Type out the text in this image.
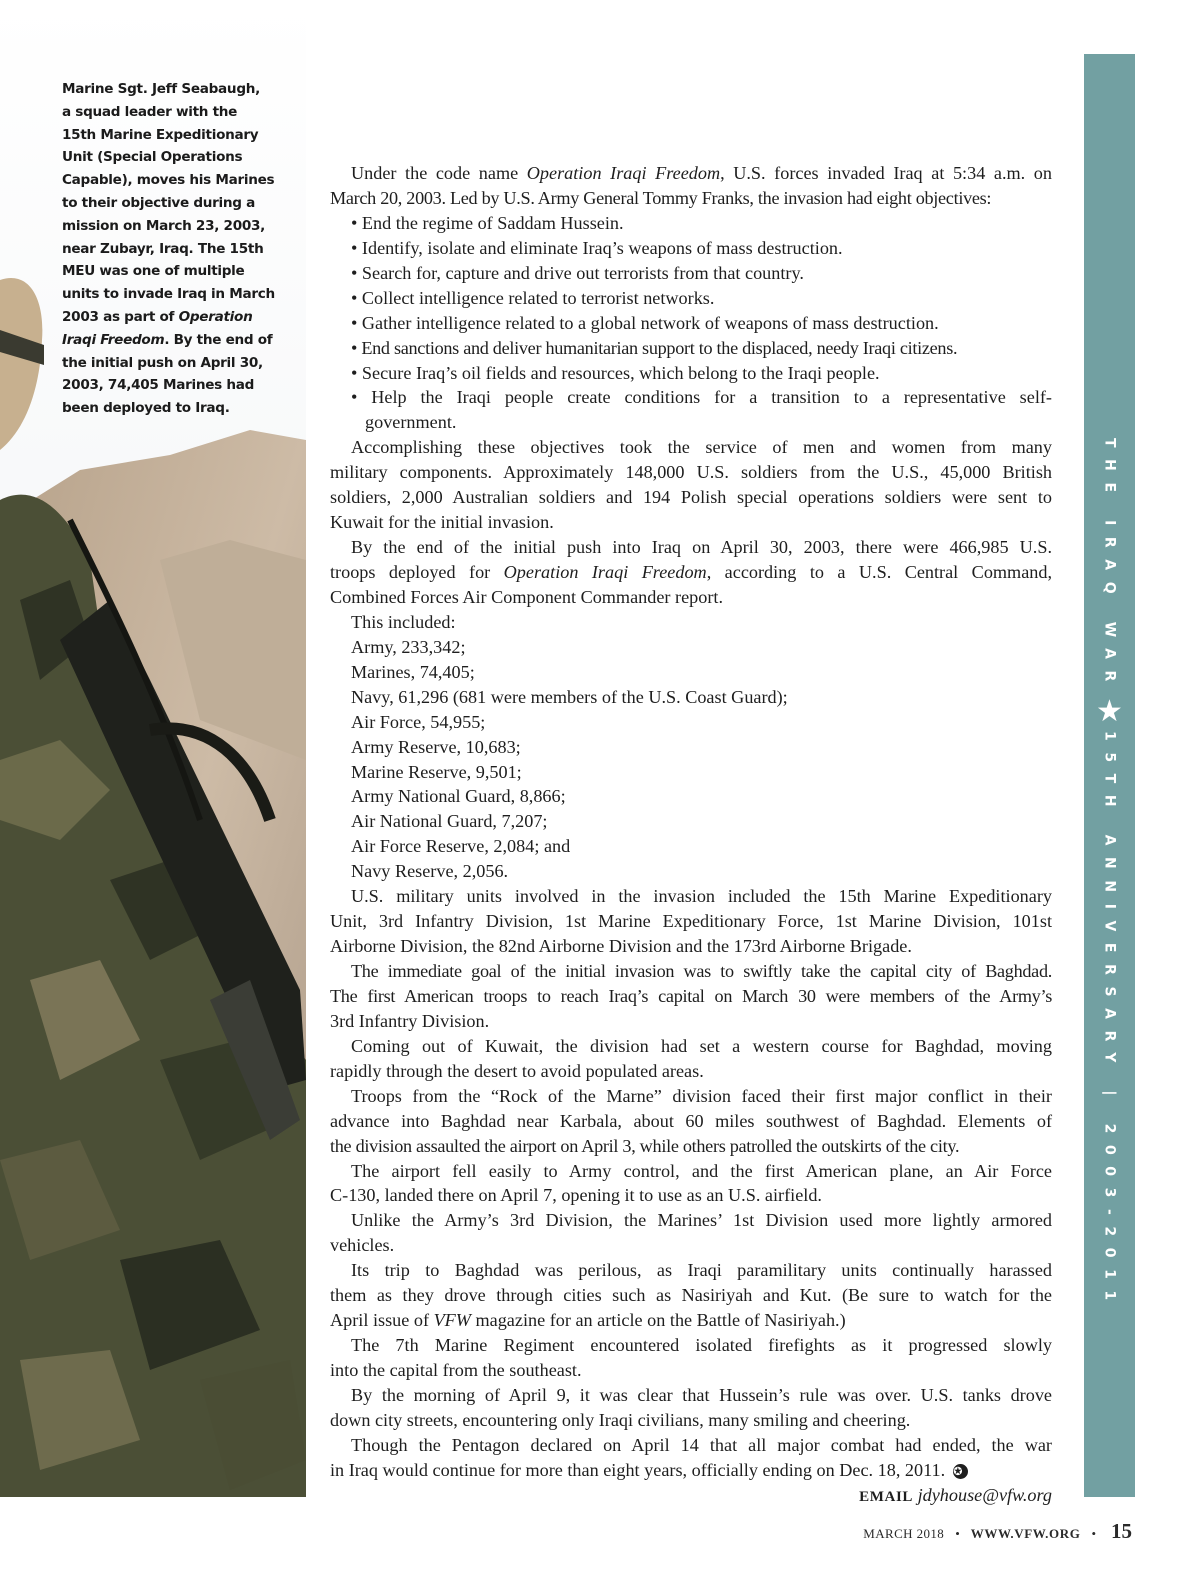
Marine Sgt. Jeff Seabaugh,
a squad leader with the
15th Marine Expeditionary
Unit (Special Operations
Capable), moves his Marines
to their objective during a
mission on March 23, 2003,
near Zubayr, Iraq. The 15th
MEU was one of multiple
units to invade Iraq in March
2003 as part of Operation
Iraqi Freedom. By the end of
the initial push on April 30,
2003, 74,405 Marines had
been deployed to Iraq.
Under the code name Operation Iraqi Freedom, U.S. forces invaded Iraq at 5:34 a.m. on
March 20, 2003. Led by U.S. Army General Tommy Franks, the invasion had eight objectives:
• End the regime of Saddam Hussein.
• Identify, isolate and eliminate Iraq’s weapons of mass destruction.
• Search for, capture and drive out terrorists from that country.
• Collect intelligence related to terrorist networks.
• Gather intelligence related to a global network of weapons of mass destruction.
• End sanctions and deliver humanitarian support to the displaced, needy Iraqi citizens.
• Secure Iraq’s oil fields and resources, which belong to the Iraqi people.
• Help the Iraqi people create conditions for a transition to a representative self-
government.
Accomplishing these objectives took the service of men and women from many
military components. Approximately 148,000 U.S. soldiers from the U.S., 45,000 British
soldiers, 2,000 Australian soldiers and 194 Polish special operations soldiers were sent to
Kuwait for the initial invasion.
By the end of the initial push into Iraq on April 30, 2003, there were 466,985 U.S.
troops deployed for Operation Iraqi Freedom, according to a U.S. Central Command,
Combined Forces Air Component Commander report.
This included:
Army, 233,342;
Marines, 74,405;
Navy, 61,296 (681 were members of the U.S. Coast Guard);
Air Force, 54,955;
Army Reserve, 10,683;
Marine Reserve, 9,501;
Army National Guard, 8,866;
Air National Guard, 7,207;
Air Force Reserve, 2,084; and
Navy Reserve, 2,056.
U.S. military units involved in the invasion included the 15th Marine Expeditionary
Unit, 3rd Infantry Division, 1st Marine Expeditionary Force, 1st Marine Division, 101st
Airborne Division, the 82nd Airborne Division and the 173rd Airborne Brigade.
The immediate goal of the initial invasion was to swiftly take the capital city of Baghdad.
The first American troops to reach Iraq’s capital on March 30 were members of the Army’s
3rd Infantry Division.
Coming out of Kuwait, the division had set a western course for Baghdad, moving
rapidly through the desert to avoid populated areas.
Troops from the “Rock of the Marne” division faced their first major conflict in their
advance into Baghdad near Karbala, about 60 miles southwest of Baghdad. Elements of
the division assaulted the airport on April 3, while others patrolled the outskirts of the city.
The airport fell easily to Army control, and the first American plane, an Air Force
C-130, landed there on April 7, opening it to use as an U.S. airfield.
Unlike the Army’s 3rd Division, the Marines’ 1st Division used more lightly armored
vehicles.
Its trip to Baghdad was perilous, as Iraqi paramilitary units continually harassed
them as they drove through cities such as Nasiriyah and Kut. (Be sure to watch for the
April issue of VFW magazine for an article on the Battle of Nasiriyah.)
The 7th Marine Regiment encountered isolated firefights as it progressed slowly
into the capital from the southeast.
By the morning of April 9, it was clear that Hussein’s rule was over. U.S. tanks drove
down city streets, encountering only Iraqi civilians, many smiling and cheering.
Though the Pentagon declared on April 14 that all major combat had ended, the war
in Iraq would continue for more than eight years, officially ending on Dec. 18, 2011. ✪
EMAIL jdyhouse@vfw.org
THE IRAQ WAR
★
15TH ANNIVERSARY | 2003-2011
MARCH 2018 • WWW.VFW.ORG • 15
